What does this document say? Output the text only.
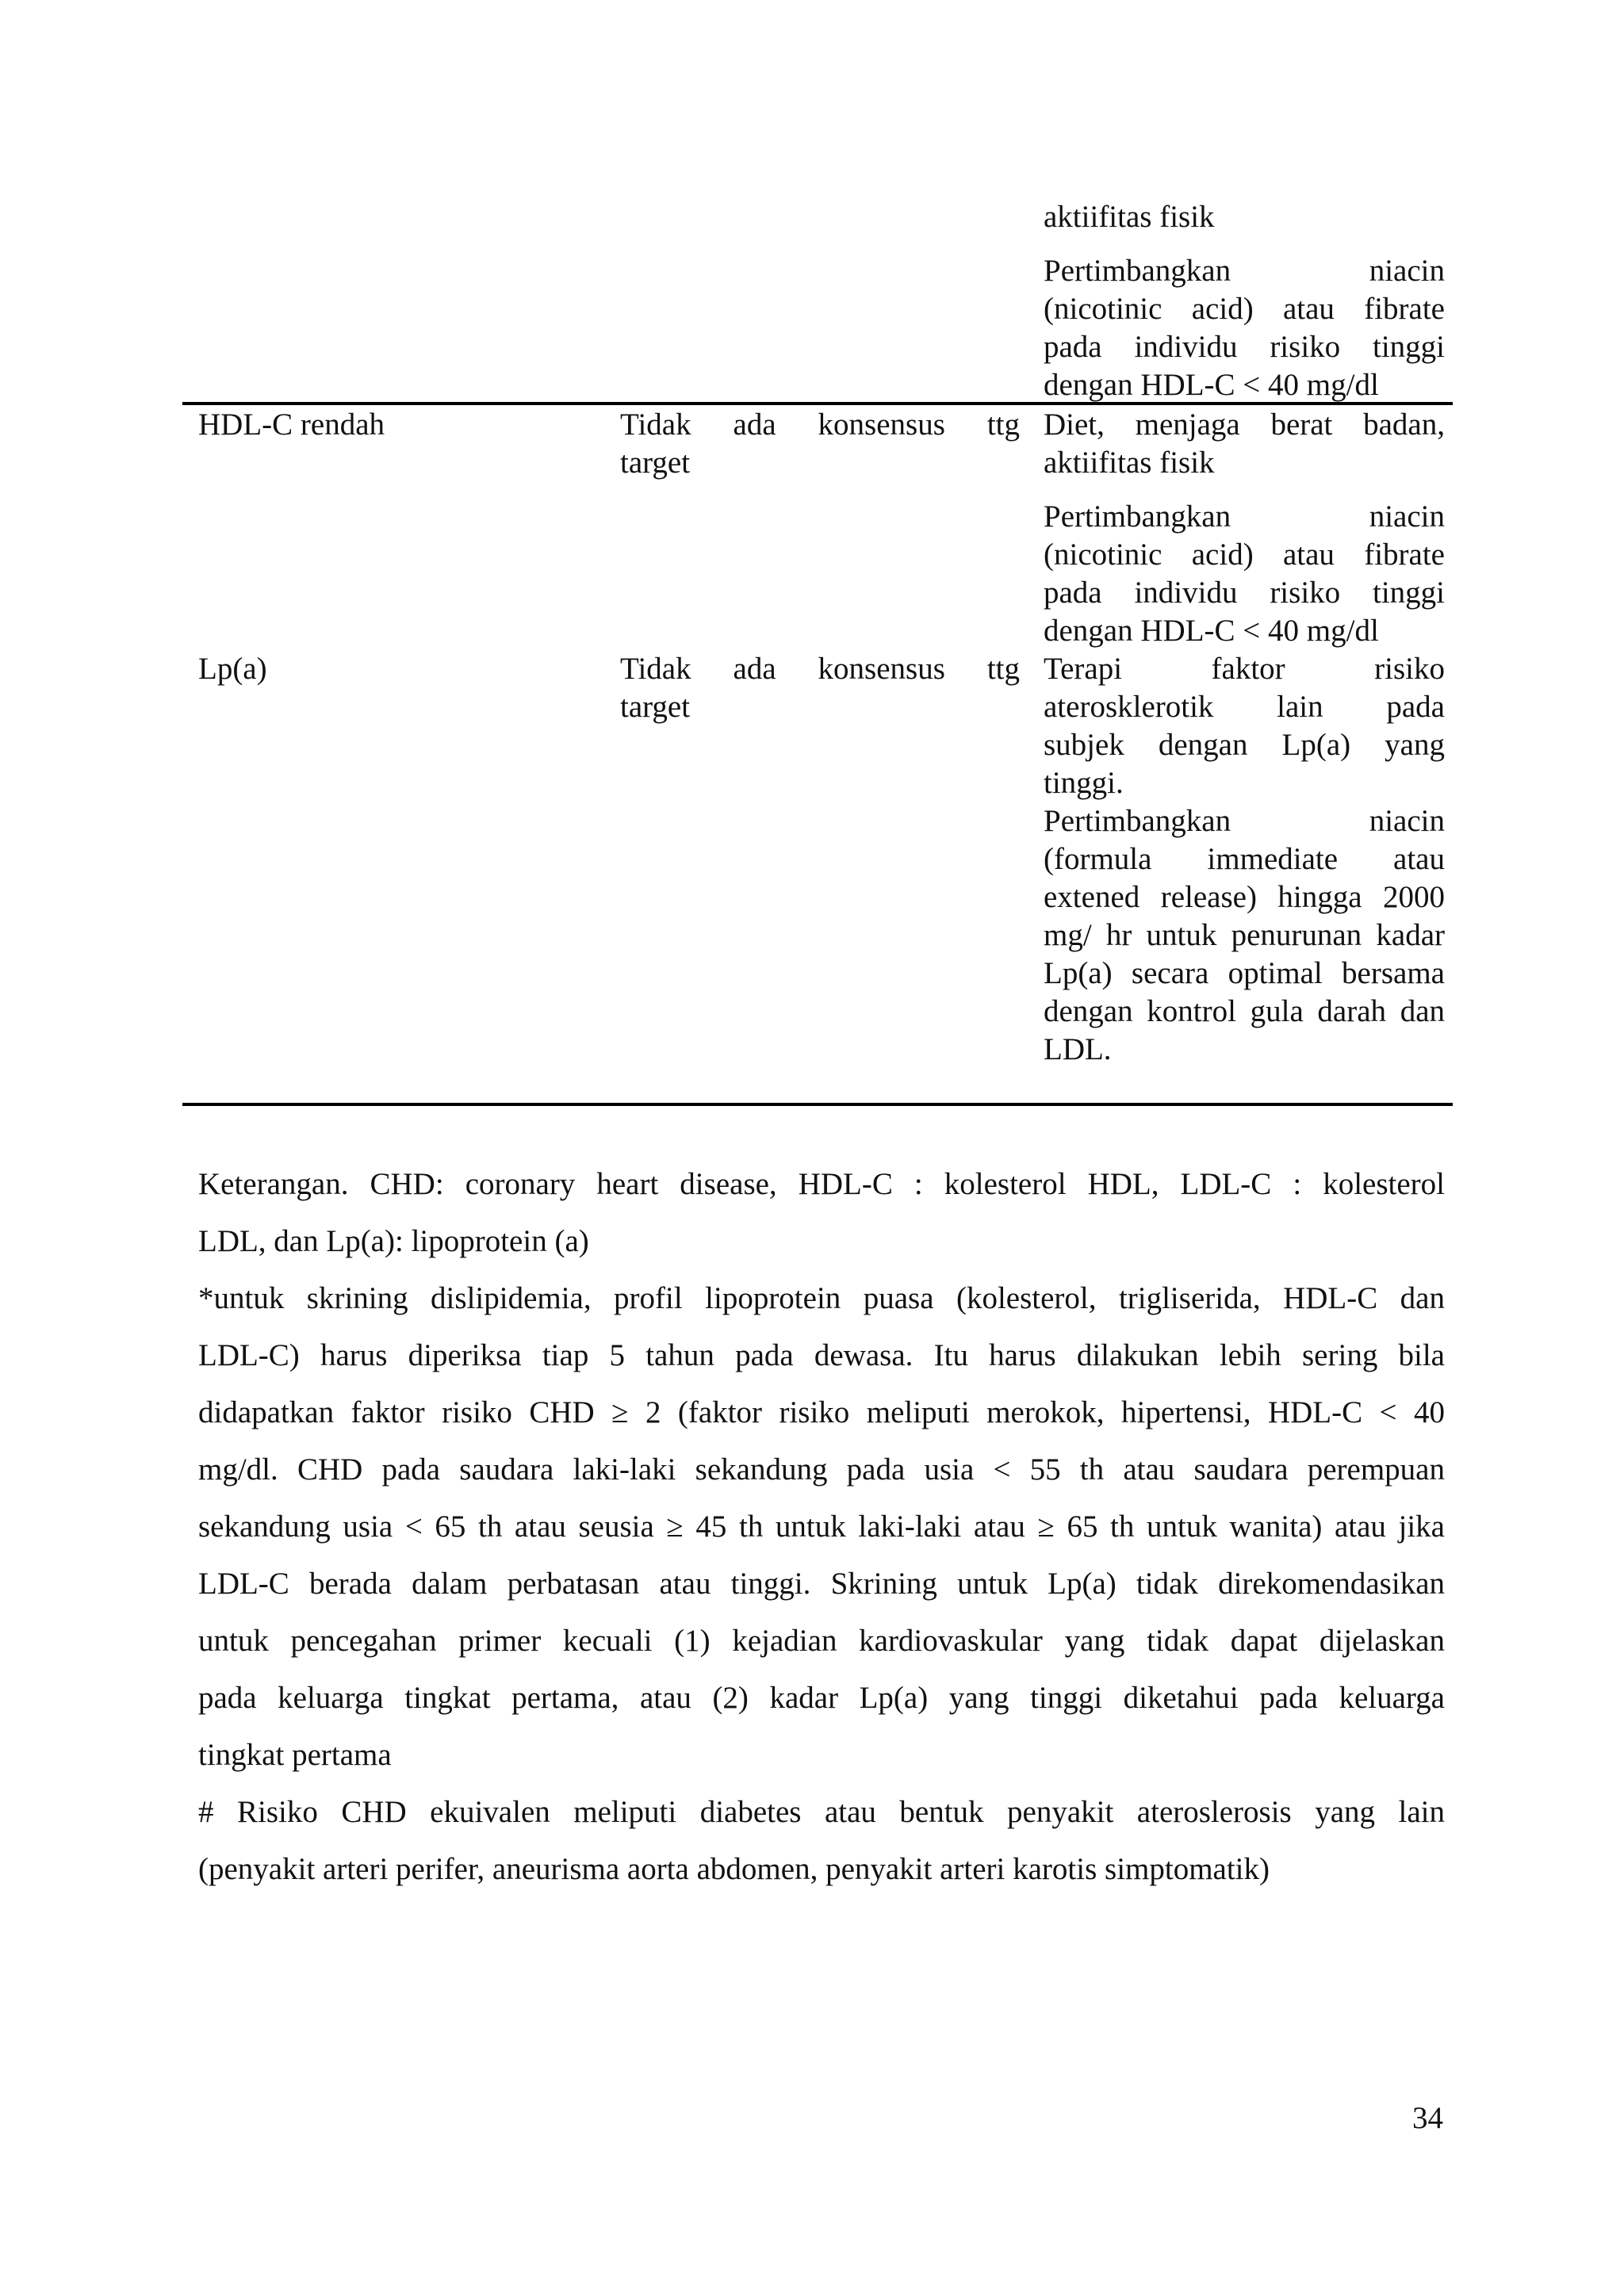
aktiifitas fisik
Pertimbangkan niacin
(nicotinic acid) atau fibrate
pada individu risiko tinggi
dengan HDL-C < 40 mg/dl
HDL-C rendah	Tidak ada konsensus ttg
target
Diet, menjaga berat badan,
aktiifitas fisik
Pertimbangkan niacin
(nicotinic acid) atau fibrate
pada individu risiko tinggi
dengan HDL-C < 40 mg/dl
Lp(a)	Tidak ada konsensus ttg
target
Terapi faktor risiko
aterosklerotik lain pada
subjek dengan Lp(a) yang
tinggi.
Pertimbangkan niacin
(formula immediate atau
extened release) hingga 2000
mg/ hr untuk penurunan kadar
Lp(a) secara optimal bersama
dengan kontrol gula darah dan
LDL.
Keterangan. CHD: coronary heart disease, HDL-C : kolesterol HDL, LDL-C : kolesterol
LDL, dan Lp(a): lipoprotein (a)
*untuk skrining dislipidemia, profil lipoprotein puasa (kolesterol, trigliserida, HDL-C dan
LDL-C) harus diperiksa tiap 5 tahun pada dewasa. Itu harus dilakukan lebih sering bila
didapatkan faktor risiko CHD ≥ 2 (faktor risiko meliputi merokok, hipertensi, HDL-C < 40
mg/dl. CHD pada saudara laki-laki sekandung pada usia < 55 th atau saudara perempuan
sekandung usia < 65 th atau seusia ≥ 45 th untuk laki-laki atau ≥ 65 th untuk wanita) atau jika
LDL-C berada dalam perbatasan atau tinggi. Skrining untuk Lp(a) tidak direkomendasikan
untuk pencegahan primer kecuali (1) kejadian kardiovaskular yang tidak dapat dijelaskan
pada keluarga tingkat pertama, atau (2) kadar Lp(a) yang tinggi diketahui pada keluarga
tingkat pertama
# Risiko CHD ekuivalen meliputi diabetes atau bentuk penyakit ateroslerosis yang lain
(penyakit arteri perifer, aneurisma aorta abdomen, penyakit arteri karotis simptomatik)
34
